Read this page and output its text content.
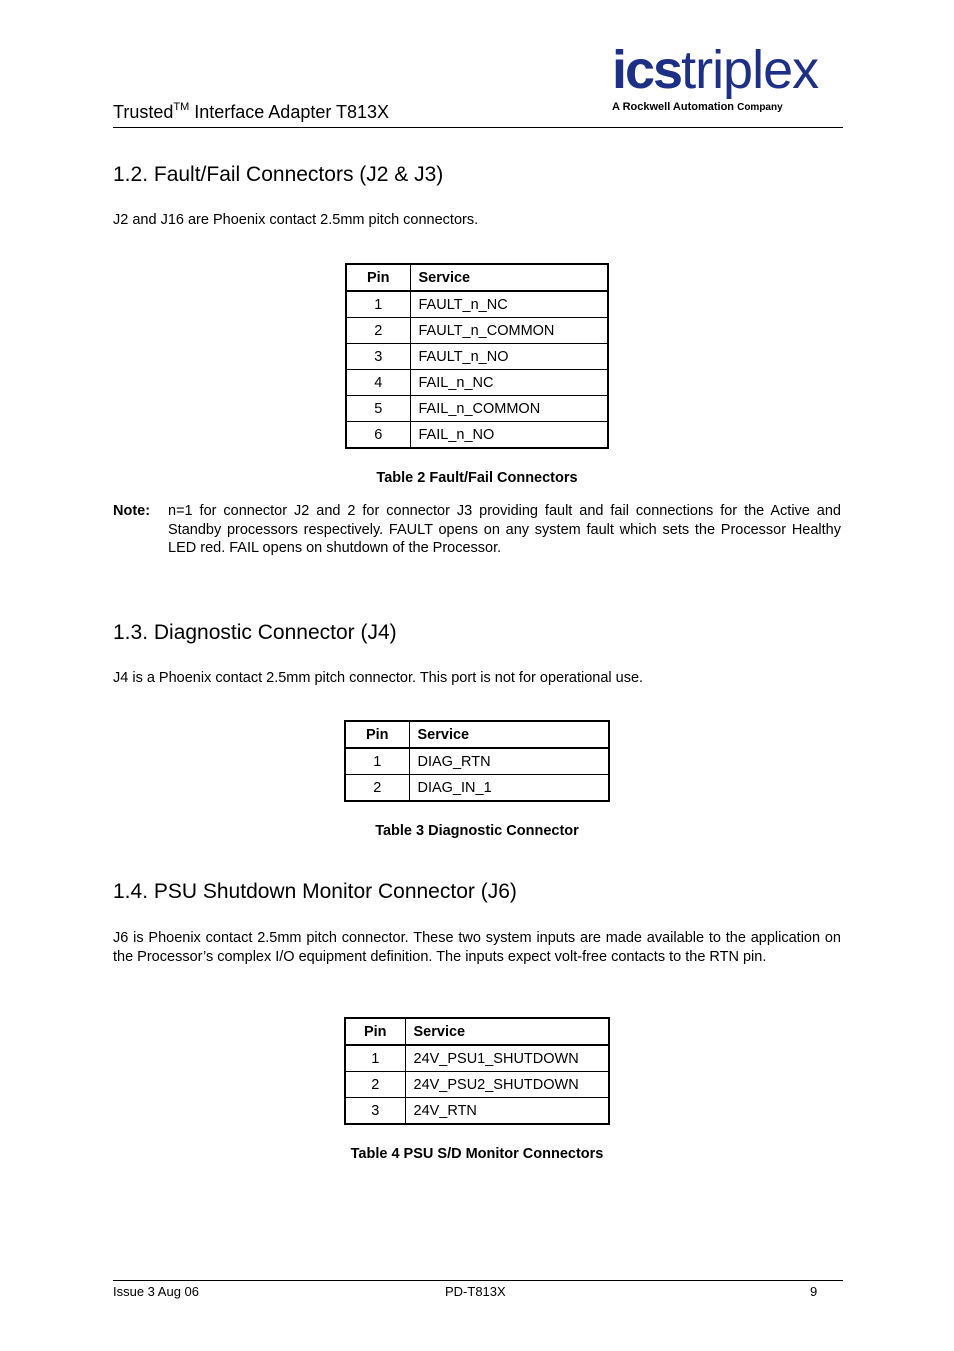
Trusted™ Interface Adapter T813X
icstriplex
A Rockwell Automation Company
1.2. Fault/Fail Connectors (J2 & J3)
J2 and J16 are Phoenix contact 2.5mm pitch connectors.
Pin	Service
1	FAULT_n_NC
2	FAULT_n_COMMON
3	FAULT_n_NO
4	FAIL_n_NC
5	FAIL_n_COMMON
6	FAIL_n_NO
Table 2 Fault/Fail Connectors
Note: n=1 for connector J2 and 2 for connector J3 providing fault and fail connections for the Active and Standby processors respectively. FAULT opens on any system fault which sets the Processor Healthy LED red. FAIL opens on shutdown of the Processor.
1.3. Diagnostic Connector (J4)
J4 is a Phoenix contact 2.5mm pitch connector. This port is not for operational use.
Pin	Service
1	DIAG_RTN
2	DIAG_IN_1
Table 3 Diagnostic Connector
1.4. PSU Shutdown Monitor Connector (J6)
J6 is Phoenix contact 2.5mm pitch connector. These two system inputs are made available to the application on the Processor’s complex I/O equipment definition. The inputs expect volt-free contacts to the RTN pin.
Pin	Service
1	24V_PSU1_SHUTDOWN
2	24V_PSU2_SHUTDOWN
3	24V_RTN
Table 4 PSU S/D Monitor Connectors
Issue 3 Aug 06	PD-T813X	9
